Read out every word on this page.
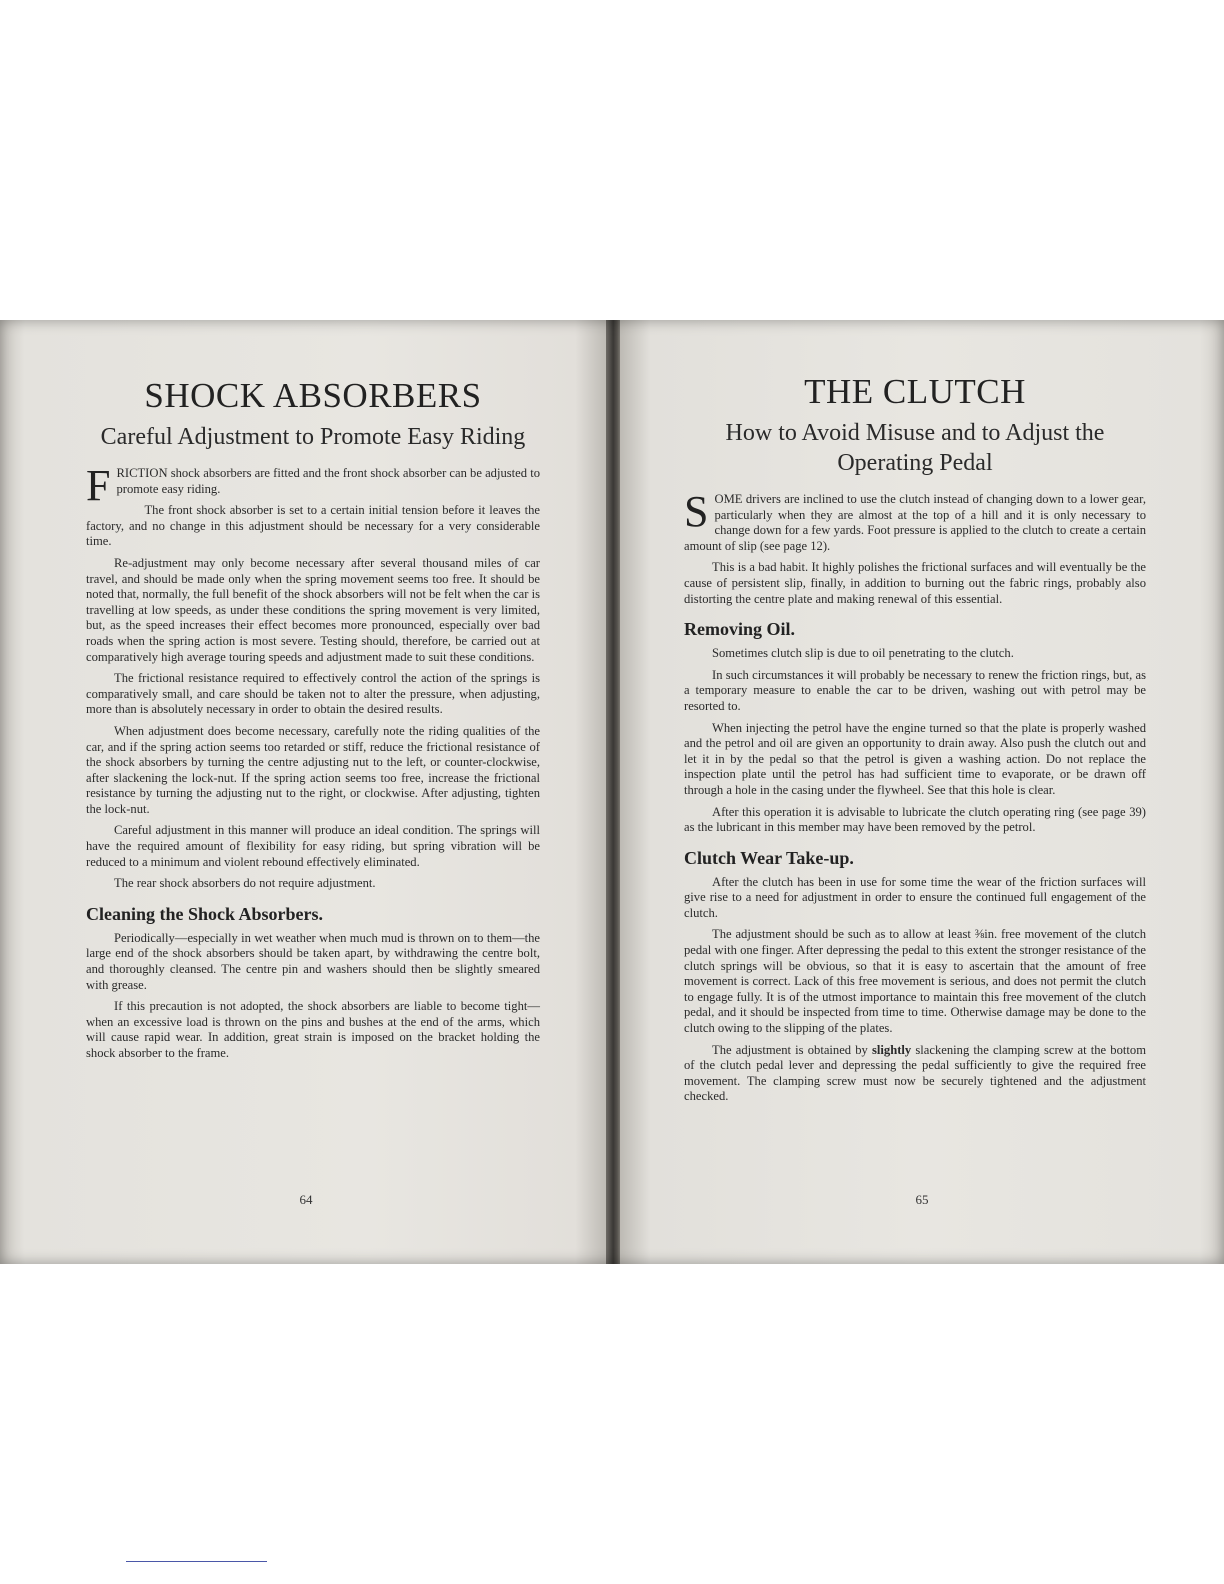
SHOCK ABSORBERS
Careful Adjustment to Promote Easy Riding

F RICTION shock absorbers are fitted and the front shock absorber can be adjusted to promote easy riding.

The front shock absorber is set to a certain initial tension before it leaves the factory, and no change in this adjustment should be necessary for a very considerable time.

Re-adjustment may only become necessary after several thousand miles of car travel, and should be made only when the spring movement seems too free. It should be noted that, normally, the full benefit of the shock absorbers will not be felt when the car is travelling at low speeds, as under these conditions the spring movement is very limited, but, as the speed increases their effect becomes more pronounced, especially over bad roads when the spring action is most severe. Testing should, therefore, be carried out at comparatively high average touring speeds and adjustment made to suit these conditions.

The frictional resistance required to effectively control the action of the springs is comparatively small, and care should be taken not to alter the pressure, when adjusting, more than is absolutely necessary in order to obtain the desired results.

When adjustment does become necessary, carefully note the riding qualities of the car, and if the spring action seems too retarded or stiff, reduce the frictional resistance of the shock absorbers by turning the centre adjusting nut to the left, or counter-clockwise, after slackening the lock-nut. If the spring action seems too free, increase the frictional resistance by turning the adjusting nut to the right, or clockwise. After adjusting, tighten the lock-nut.

Careful adjustment in this manner will produce an ideal condition. The springs will have the required amount of flexibility for easy riding, but spring vibration will be reduced to a minimum and violent rebound effectively eliminated.

The rear shock absorbers do not require adjustment.

Cleaning the Shock Absorbers.

Periodically—especially in wet weather when much mud is thrown on to them—the large end of the shock absorbers should be taken apart, by withdrawing the centre bolt, and thoroughly cleansed. The centre pin and washers should then be slightly smeared with grease.

If this precaution is not adopted, the shock absorbers are liable to become tight—when an excessive load is thrown on the pins and bushes at the end of the arms, which will cause rapid wear. In addition, great strain is imposed on the bracket holding the shock absorber to the frame.

64
THE CLUTCH
How to Avoid Misuse and to Adjust the Operating Pedal

S OME drivers are inclined to use the clutch instead of changing down to a lower gear, particularly when they are almost at the top of a hill and it is only necessary to change down for a few yards. Foot pressure is applied to the clutch to create a certain amount of slip (see page 12).

This is a bad habit. It highly polishes the frictional surfaces and will eventually be the cause of persistent slip, finally, in addition to burning out the fabric rings, probably also distorting the centre plate and making renewal of this essential.

Removing Oil.

Sometimes clutch slip is due to oil penetrating to the clutch.

In such circumstances it will probably be necessary to renew the friction rings, but, as a temporary measure to enable the car to be driven, washing out with petrol may be resorted to.

When injecting the petrol have the engine turned so that the plate is properly washed and the petrol and oil are given an opportunity to drain away. Also push the clutch out and let it in by the pedal so that the petrol is given a washing action. Do not replace the inspection plate until the petrol has had sufficient time to evaporate, or be drawn off through a hole in the casing under the flywheel. See that this hole is clear.

After this operation it is advisable to lubricate the clutch operating ring (see page 39) as the lubricant in this member may have been removed by the petrol.

Clutch Wear Take-up.

After the clutch has been in use for some time the wear of the friction surfaces will give rise to a need for adjustment in order to ensure the continued full engagement of the clutch.

The adjustment should be such as to allow at least ⅜in. free movement of the clutch pedal with one finger. After depressing the pedal to this extent the stronger resistance of the clutch springs will be obvious, so that it is easy to ascertain that the amount of free movement is correct. Lack of this free movement is serious, and does not permit the clutch to engage fully. It is of the utmost importance to maintain this free movement of the clutch pedal, and it should be inspected from time to time. Otherwise damage may be done to the clutch owing to the slipping of the plates.

The adjustment is obtained by slightly slackening the clamping screw at the bottom of the clutch pedal lever and depressing the pedal sufficiently to give the required free movement. The clamping screw must now be securely tightened and the adjustment checked.

65
